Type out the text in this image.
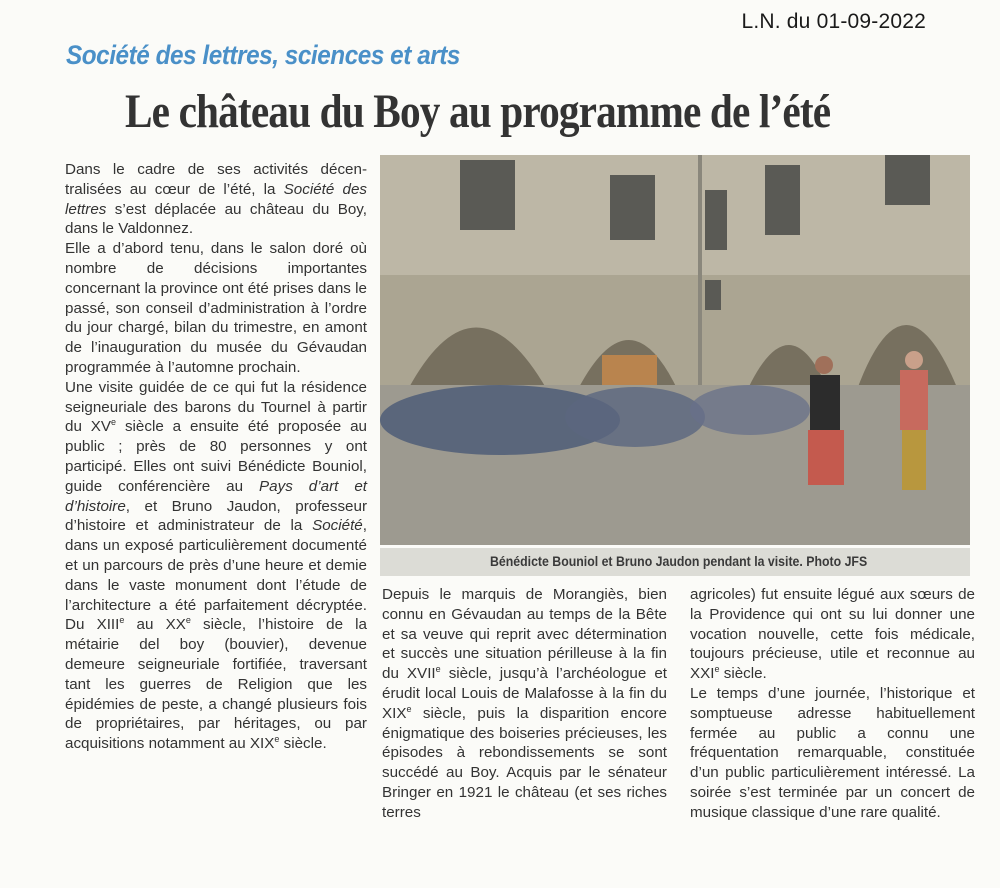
L.N. du 01-09-2022
Société des lettres, sciences et arts
Le château du Boy au programme de l’été

Dans le cadre de ses activités décentralisées au cœur de l’été, la Société des lettres s’est déplacée au château du Boy, dans le Valdonnez.

Elle a d’abord tenu, dans le salon doré où nombre de décisions importantes concernant la province ont été prises dans le passé, son conseil d’administration à l’ordre du jour chargé, bilan du trimestre, en amont de l’inauguration du musée du Gévaudan programmée à l’automne prochain.

Une visite guidée de ce qui fut la résidence seigneuriale des barons du Tournel à partir du XVe siècle a ensuite été proposée au public ; près de 80 personnes y ont participé. Elles ont suivi Bénédicte Bouniol, guide conférencière au Pays d’art et d’histoire, et Bruno Jaudon, professeur d’histoire et administrateur de la Société, dans un exposé particulièrement documenté et un parcours de près d’une heure et demie dans le vaste monument dont l’étude de l’architecture a été parfaitement décryptée. Du XIIIe au XXe siècle, l’histoire de la métairie del boy (bouvier), devenue demeure seigneuriale fortifiée, traversant tant les guerres de Religion que les épidémies de peste, a changé plusieurs fois de propriétaires, par héritages, ou par acquisitions notamment au XIXe siècle.

Bénédicte Bouniol et Bruno Jaudon pendant la visite. Photo JFS

Depuis le marquis de Morangiès, bien connu en Gévaudan au temps de la Bête et sa veuve qui reprit avec détermination et succès une situation périlleuse à la fin du XVIIe siècle, jusqu’à l’archéologue et érudit local Louis de Malafosse à la fin du XIXe siècle, puis la disparition encore énigmatique des boiseries précieuses, les épisodes à rebondissements se sont succédé au Boy. Acquis par le sénateur Bringer en 1921 le château (et ses riches terres

agricoles) fut ensuite légué aux sœurs de la Providence qui ont su lui donner une vocation nouvelle, cette fois médicale, toujours précieuse, utile et reconnue au XXIe siècle.

Le temps d’une journée, l’historique et somptueuse adresse habituellement fermée au public a connu une fréquentation remarquable, constituée d’un public particulièrement intéressé. La soirée s’est terminée par un concert de musique classique d’une rare qualité.
